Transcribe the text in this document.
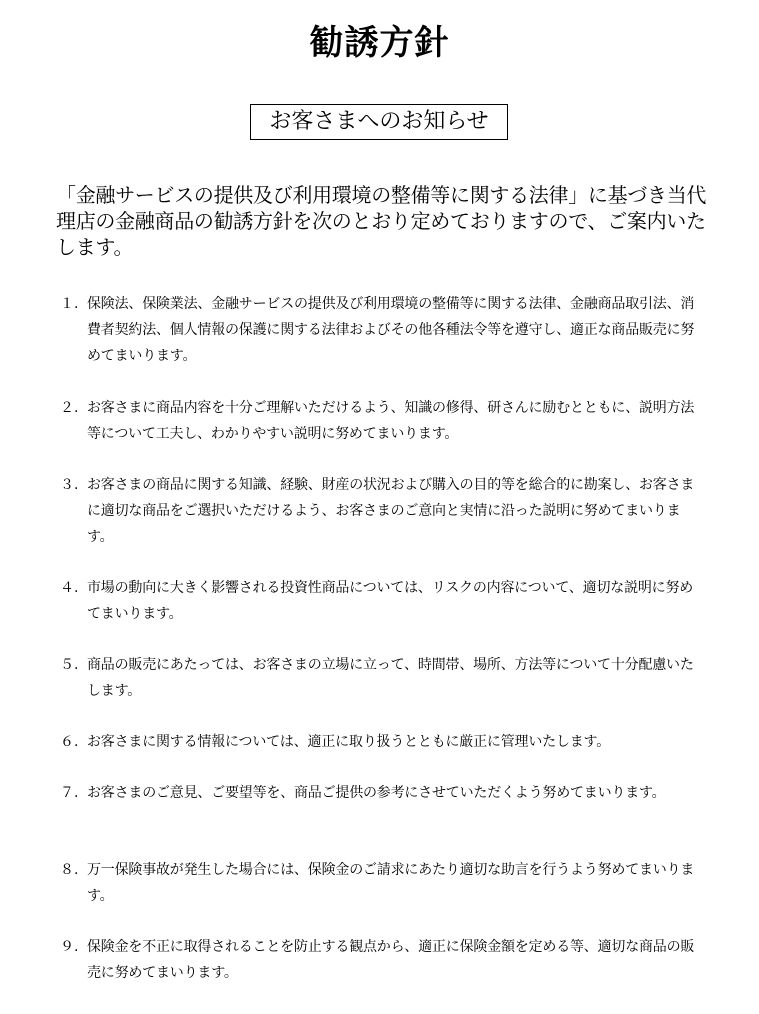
勧誘方針
お客さまへのお知らせ

「金融サービスの提供及び利用環境の整備等に関する法律」に基づき当代理店の金融商品の勧誘方針を次のとおり定めておりますので、ご案内いたします。

１. 保険法、保険業法、金融サービスの提供及び利用環境の整備等に関する法律、金融商品取引法、消費者契約法、個人情報の保護に関する法律およびその他各種法令等を遵守し、適正な商品販売に努めてまいります。
２. お客さまに商品内容を十分ご理解いただけるよう、知識の修得、研さんに励むとともに、説明方法等について工夫し、わかりやすい説明に努めてまいります。
３. お客さまの商品に関する知識、経験、財産の状況および購入の目的等を総合的に勘案し、お客さまに適切な商品をご選択いただけるよう、お客さまのご意向と実情に沿った説明に努めてまいります。
４. 市場の動向に大きく影響される投資性商品については、リスクの内容について、適切な説明に努めてまいります。
５. 商品の販売にあたっては、お客さまの立場に立って、時間帯、場所、方法等について十分配慮いたします。
６. お客さまに関する情報については、適正に取り扱うとともに厳正に管理いたします。
７. お客さまのご意見、ご要望等を、商品ご提供の参考にさせていただくよう努めてまいります。
８. 万一保険事故が発生した場合には、保険金のご請求にあたり適切な助言を行うよう努めてまいります。
９. 保険金を不正に取得されることを防止する観点から、適正に保険金額を定める等、適切な商品の販売に努めてまいります。
